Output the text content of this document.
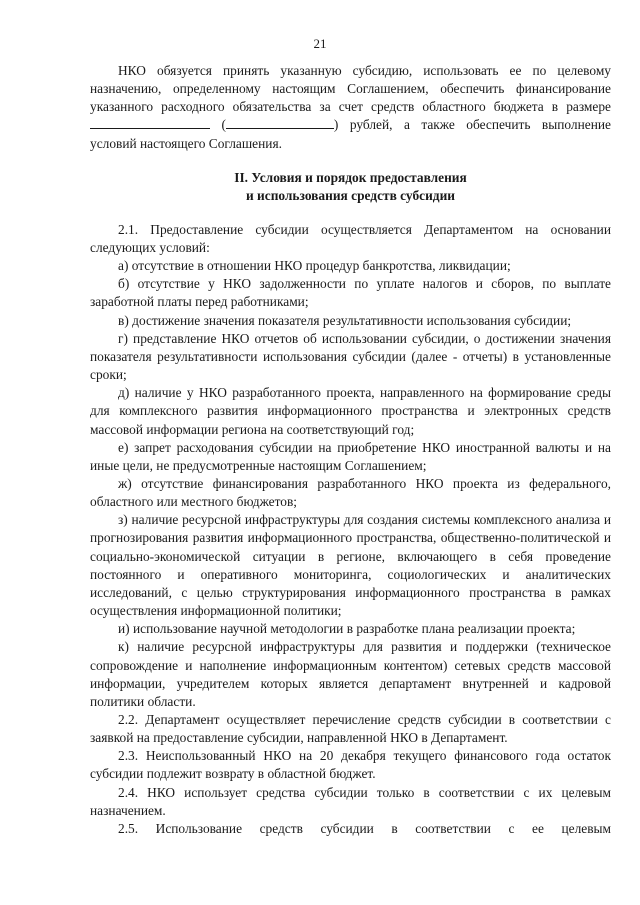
21

НКО обязуется принять указанную субсидию, использовать ее по целевому назначению, определенному настоящим Соглашением, обеспечить финансирование указанного расходного обязательства за счет средств областного бюджета в размере  (	) рублей, а также обеспечить выполнение условий настоящего Соглашения.

II. Условия и порядок предоставления
и использования средств субсидии

2.1. Предоставление субсидии осуществляется Департаментом на основании следующих условий:

а) отсутствие в отношении НКО процедур банкротства, ликвидации;

б) отсутствие у НКО задолженности по уплате налогов и сборов, по выплате заработной платы перед работниками;

в) достижение значения показателя результативности использования субсидии;

г) представление НКО отчетов об использовании субсидии, о достижении значения показателя результативности использования субсидии (далее - отчеты) в установленные сроки;

д) наличие у НКО разработанного проекта, направленного на формирование среды для комплексного развития информационного пространства и электронных средств массовой информации региона на соответствующий год;

е) запрет расходования субсидии на приобретение НКО иностранной валюты и на иные цели, не предусмотренные настоящим Соглашением;

ж) отсутствие финансирования разработанного НКО проекта из федерального, областного или местного бюджетов;

з) наличие ресурсной инфраструктуры для создания системы комплексного анализа и прогнозирования развития информационного пространства, общественно-политической и социально-экономической ситуации в регионе, включающего в себя проведение постоянного и оперативного мониторинга, социологических и аналитических исследований, с целью структурирования информационного пространства в рамках осуществления информационной политики;

и) использование научной методологии в разработке плана реализации проекта;

к) наличие ресурсной инфраструктуры для развития и поддержки (техническое сопровождение и наполнение информационным контентом) сетевых средств массовой информации, учредителем которых является департамент внутренней и кадровой политики области.

2.2. Департамент осуществляет перечисление средств субсидии в соответствии с заявкой на предоставление субсидии, направленной НКО в Департамент.

2.3. Неиспользованный НКО на 20 декабря текущего финансового года остаток субсидии подлежит возврату в областной бюджет.

2.4. НКО использует средства субсидии только в соответствии с их целевым назначением.

2.5. Использование средств субсидии в соответствии с ее целевым
